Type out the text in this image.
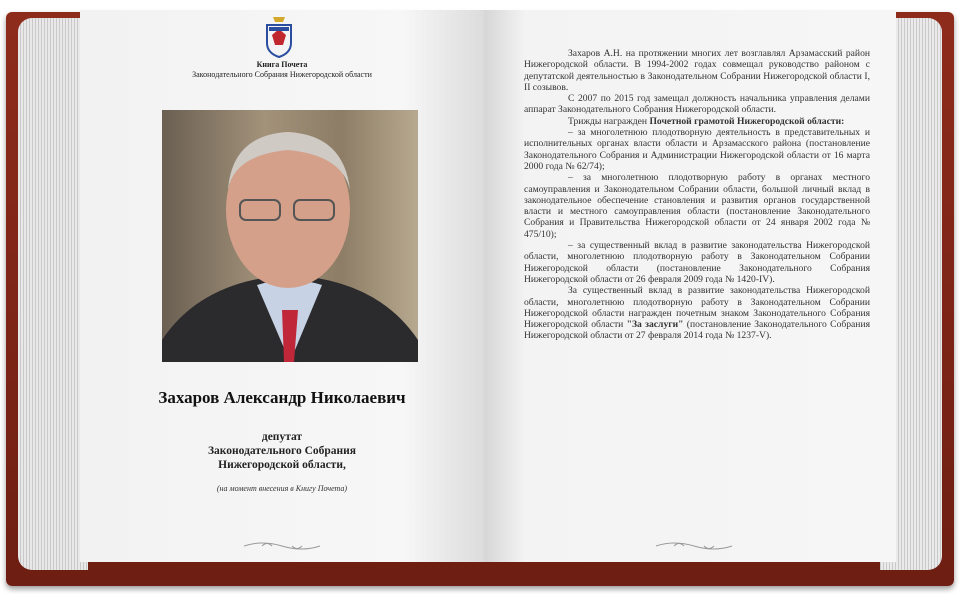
Книга Почета
Законодательного Собрания Нижегородской области
Захаров Александр Николаевич
депутат
Законодательного Собрания
Нижегородской области,
(на момент внесения в Книгу Почета)

Захаров А.Н. на протяжении многих лет возглавлял Арзамасский район Нижегородской области. В 1994-2002 годах совмещал руководство районом с депутатской деятельностью в Законодательном Собрании Нижегородской области I, II созывов.

С 2007 по 2015 год замещал должность начальника управления делами аппарат Законодательного Собрания Нижегородской области.

Трижды награжден Почетной грамотой Нижегородской области:

– за многолетнюю плодотворную деятельность в представительных и исполнительных органах власти области и Арзамасского района (постановление Законодательного Собрания и Администрации Нижегородской области от 16 марта 2000 года № 62/74);

– за многолетнюю плодотворную работу в органах местного самоуправления и Законодательном Собрании области, большой личный вклад в законодательное обеспечение становления и развития органов государственной власти и местного самоуправления области (постановление Законодательного Собрания и Правительства Нижегородской области от 24 января 2002 года № 475/10);

– за существенный вклад в развитие законодательства Нижегородской области, многолетнюю плодотворную работу в Законодательном Собрании Нижегородской области (постановление Законодательного Собрания Нижегородской области от 26 февраля 2009 года № 1420-IV).

За существенный вклад в развитие законодательства Нижегородской области, многолетнюю плодотворную работу в Законодательном Собрании Нижегородской области награжден почетным знаком Законодательного Собрания Нижегородской области "За заслуги" (постановление Законодательного Собрания Нижегородской области от 27 февраля 2014 года № 1237-V).
